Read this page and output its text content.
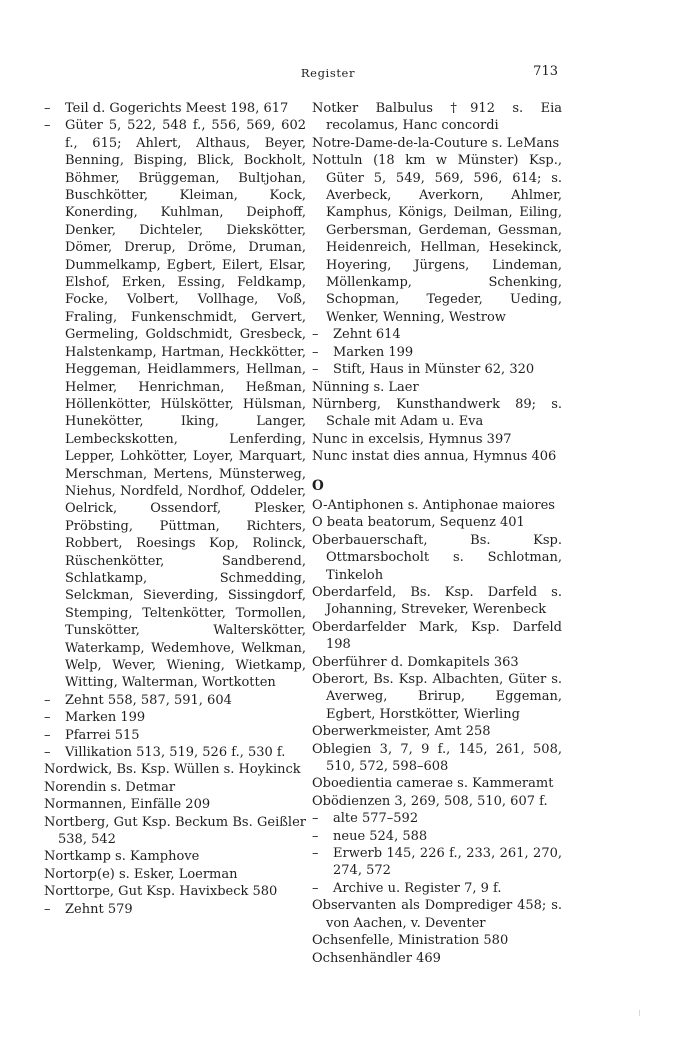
Register	713
– Teil d. Gogerichts Meest 198, 617
– Güter 5, 522, 548 f., 556, 569, 602 f., 615; Ahlert, Althaus, Beyer, Benning, Bisping, Blick, Bockholt, Böhmer, Brüggeman, Bultjohan, Buschkötter, Kleiman, Kock, Konerding, Kuhlman, Deiphoff, Denker, Dichteler, Diekskötter, Dömer, Drerup, Dröme, Druman, Dummelkamp, Egbert, Eilert, Elsar, Elshof, Erken, Essing, Feldkamp, Focke, Volbert, Vollhage, Voß, Fraling, Funkenschmidt, Gervert, Germeling, Goldschmidt, Gresbeck, Halstenkamp, Hartman, Heckkötter, Heggeman, Heidlammers, Hellman, Helmer, Henrichman, Heßman, Höllenkötter, Hülskötter, Hülsman, Hunekötter, Iking, Langer, Lembeckskotten, Lenferding, Lepper, Lohkötter, Loyer, Marquart, Merschman, Mertens, Münsterweg, Niehus, Nordfeld, Nordhof, Oddeler, Oelrick, Ossendorf, Plesker, Pröbsting, Püttman, Richters, Robbert, Roesings Kop, Rolinck, Rüschenkötter, Sandberend, Schlatkamp, Schmedding, Selckman, Sieverding, Sissingdorf, Stemping, Teltenkötter, Tormollen, Tunskötter, Walterskötter, Waterkamp, Wedemhove, Welkman, Welp, Wever, Wiening, Wietkamp, Witting, Walterman, Wortkotten
– Zehnt 558, 587, 591, 604
– Marken 199
– Pfarrei 515
– Villikation 513, 519, 526 f., 530 f.
Nordwick, Bs. Ksp. Wüllen s. Hoykinck
Norendin s. Detmar
Normannen, Einfälle 209
Nortberg, Gut Ksp. Beckum Bs. Geißler 538, 542
Nortkamp s. Kamphove
Nortorp(e) s. Esker, Loerman
Norttorpe, Gut Ksp. Havixbeck 580
– Zehnt 579
Notker Balbulus †912 s. Eia recolamus, Hanc concordi
Notre-Dame-de-la-Couture s. LeMans
Nottuln (18 km w Münster) Ksp., Güter 5, 549, 569, 596, 614; s. Averbeck, Averkorn, Ahlmer, Kamphus, Königs, Deilman, Eiling, Gerbersman, Gerdeman, Gessman, Heidenreich, Hellman, Hesekinck, Hoyering, Jürgens, Lindeman, Möllenkamp, Schenking, Schopman, Tegeder, Ueding, Wenker, Wenning, Westrow
– Zehnt 614
– Marken 199
– Stift, Haus in Münster 62, 320
Nünning s. Laer
Nürnberg, Kunsthandwerk 89; s. Schale mit Adam u. Eva
Nunc in excelsis, Hymnus 397
Nunc instat dies annua, Hymnus 406
O
O-Antiphonen s. Antiphonae maiores
O beata beatorum, Sequenz 401
Oberbauerschaft, Bs. Ksp. Ottmarsbocholt s. Schlotman, Tinkeloh
Oberdarfeld, Bs. Ksp. Darfeld s. Johanning, Streveker, Werenbeck
Oberdarfelder Mark, Ksp. Darfeld 198
Oberführer d. Domkapitels 363
Oberort, Bs. Ksp. Albachten, Güter s. Averweg, Brirup, Eggeman, Egbert, Horstkötter, Wierling
Oberwerkmeister, Amt 258
Oblegien 3, 7, 9 f., 145, 261, 508, 510, 572, 598–608
Oboedientia camerae s. Kammeramt
Obödienzen 3, 269, 508, 510, 607 f.
– alte 577–592
– neue 524, 588
– Erwerb 145, 226 f., 233, 261, 270, 274, 572
– Archive u. Register 7, 9 f.
Observanten als Domprediger 458; s. von Aachen, v. Deventer
Ochsenfelle, Ministration 580
Ochsenhändler 469
